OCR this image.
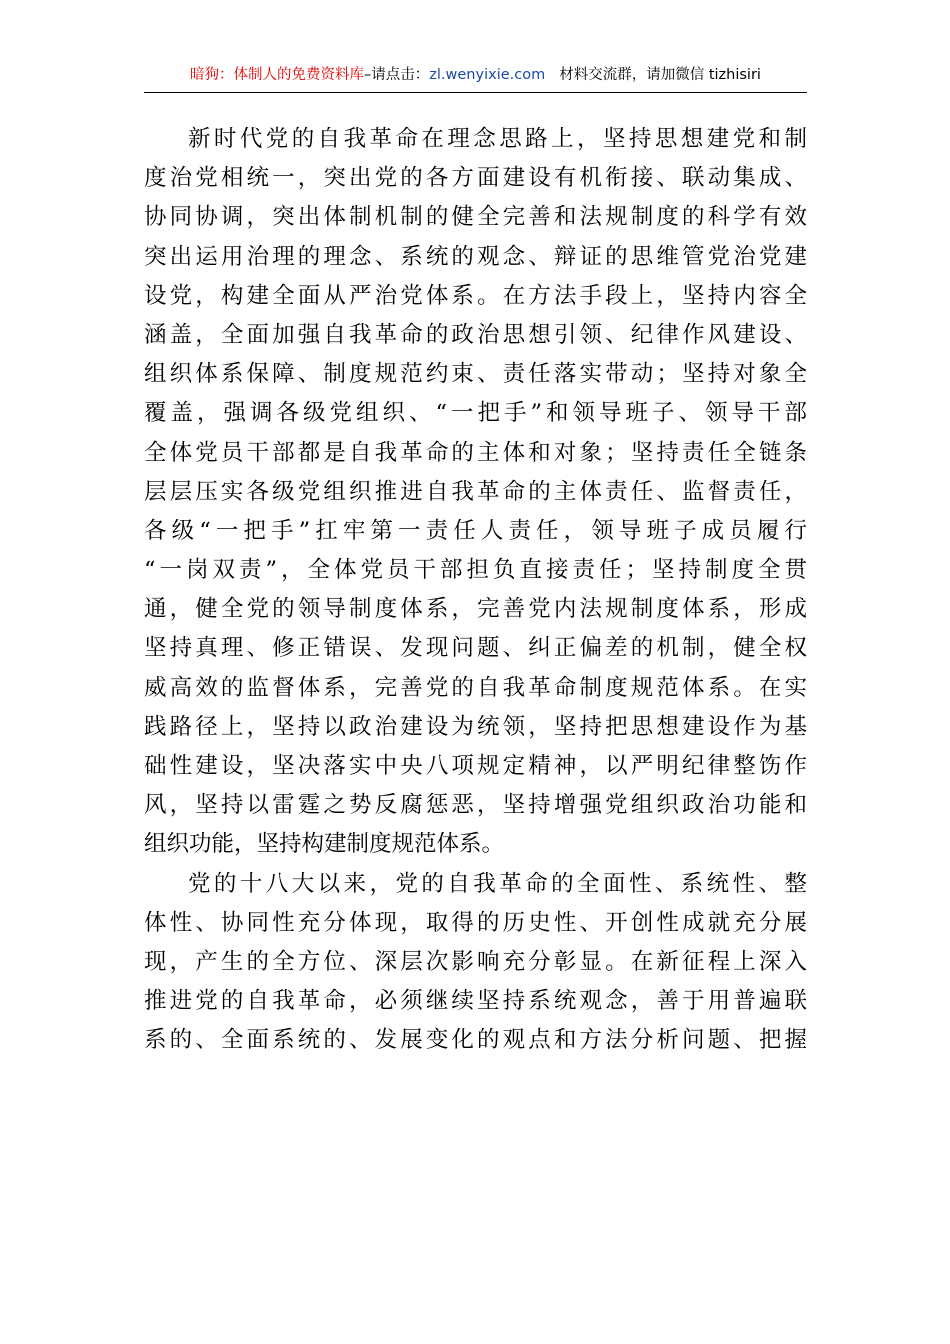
暗狗：体制人的免费资料库–请点击：zl.wenyixie.com 材料交流群，请加微信 tizhisiri
新时代党的自我革命在理念思路上，坚持思想建党和制
度治党相统一，突出党的各方面建设有机衔接、联动集成、
协同协调，突出体制机制的健全完善和法规制度的科学有效
突出运用治理的理念、系统的观念、辩证的思维管党治党建
设党，构建全面从严治党体系。在方法手段上，坚持内容全
涵盖，全面加强自我革命的政治思想引领、纪律作风建设、
组织体系保障、制度规范约束、责任落实带动；坚持对象全
覆盖，强调各级党组织、“一把手”和领导班子、领导干部
全体党员干部都是自我革命的主体和对象；坚持责任全链条
层层压实各级党组织推进自我革命的主体责任、监督责任，
各级“一把手”扛牢第一责任人责任，领导班子成员履行
“一岗双责”，全体党员干部担负直接责任；坚持制度全贯
通，健全党的领导制度体系，完善党内法规制度体系，形成
坚持真理、修正错误、发现问题、纠正偏差的机制，健全权
威高效的监督体系，完善党的自我革命制度规范体系。在实
践路径上，坚持以政治建设为统领，坚持把思想建设作为基
础性建设，坚决落实中央八项规定精神，以严明纪律整饬作
风，坚持以雷霆之势反腐惩恶，坚持增强党组织政治功能和
组织功能，坚持构建制度规范体系。
党的十八大以来，党的自我革命的全面性、系统性、整
体性、协同性充分体现，取得的历史性、开创性成就充分展
现，产生的全方位、深层次影响充分彰显。在新征程上深入
推进党的自我革命，必须继续坚持系统观念，善于用普遍联
系的、全面系统的、发展变化的观点和方法分析问题、把握
